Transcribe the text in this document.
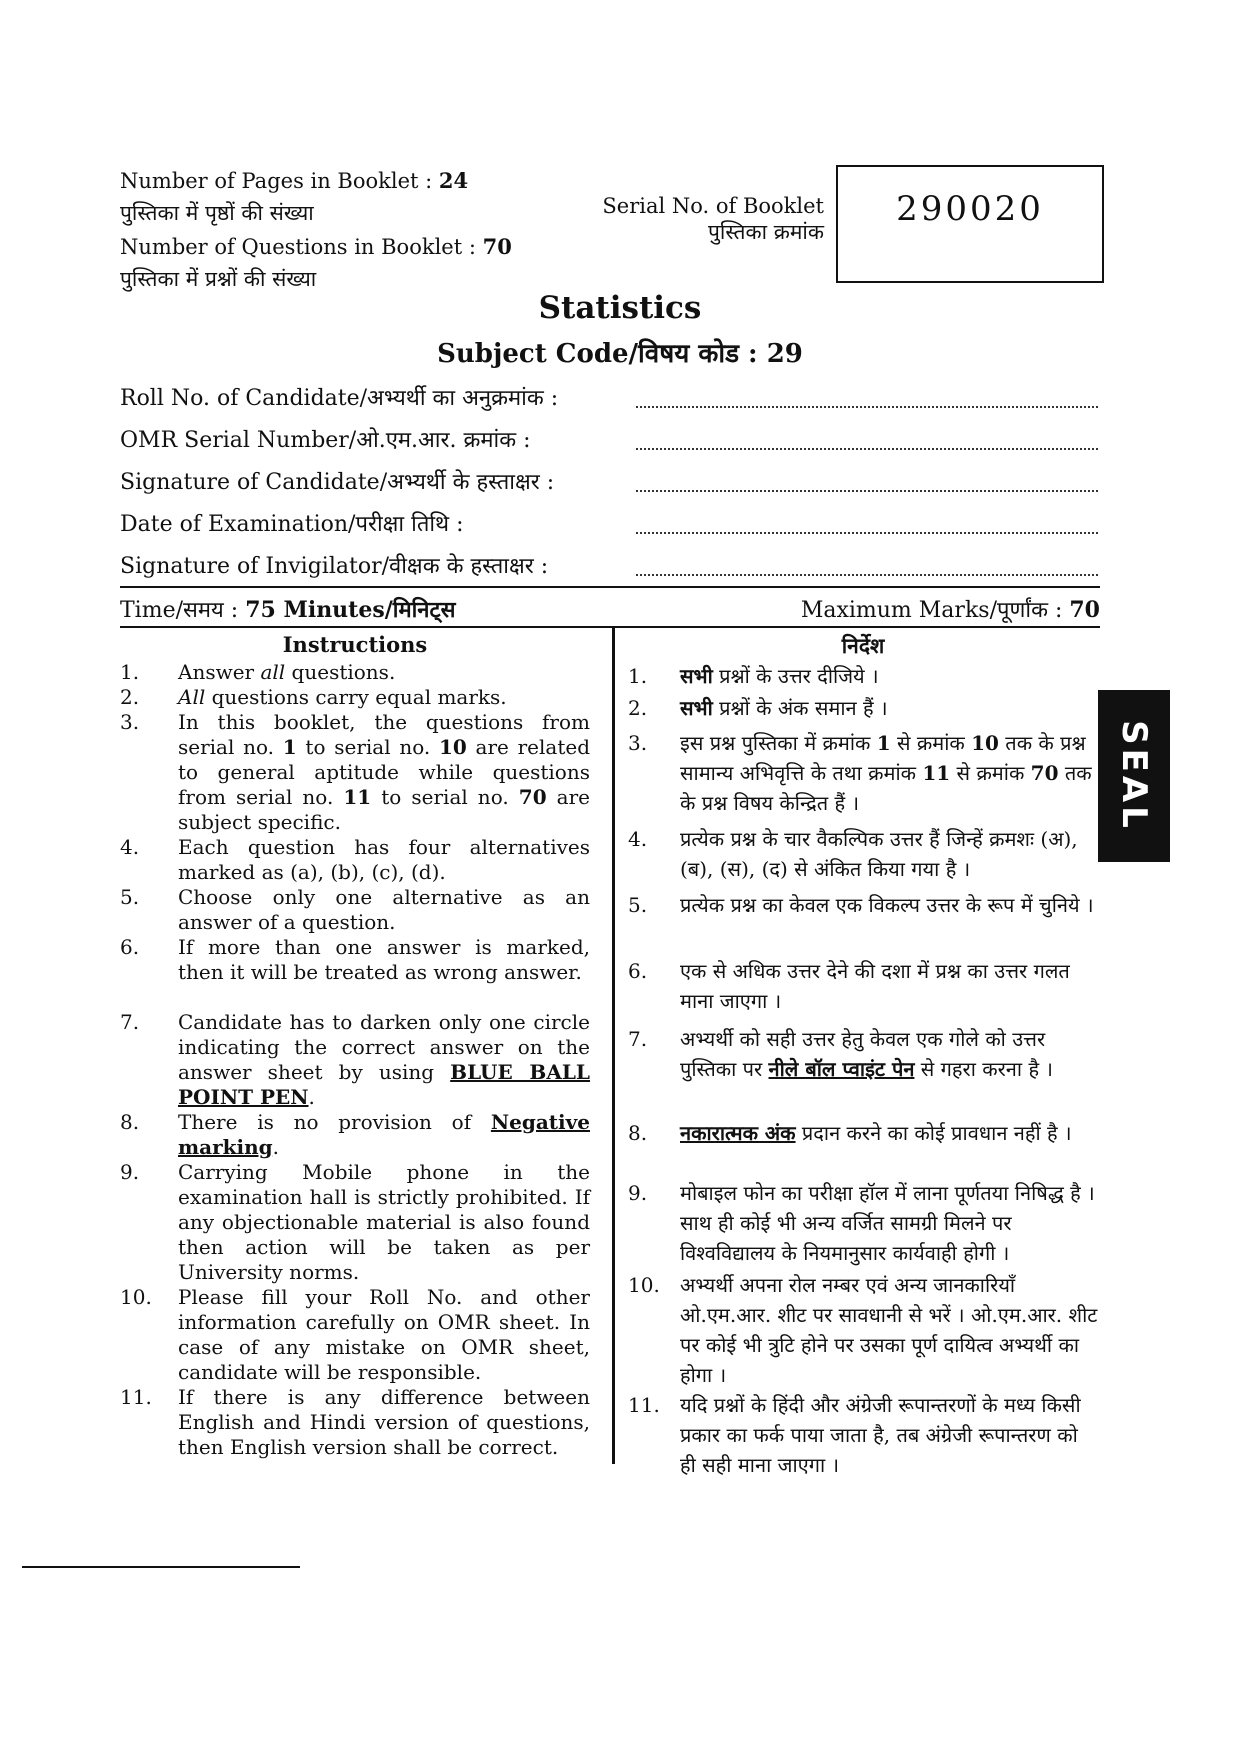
Number of Pages in Booklet : 24
पुस्तिका में पृष्ठों की संख्या
Number of Questions in Booklet : 70
पुस्तिका में प्रश्नों की संख्या
Serial No. of Booklet
पुस्तिका क्रमांक
290020
Statistics
Subject Code/विषय कोड : 29
Roll No. of Candidate/अभ्यर्थी का अनुक्रमांक :
OMR Serial Number/ओ.एम.आर. क्रमांक :
Signature of Candidate/अभ्यर्थी के हस्ताक्षर :
Date of Examination/परीक्षा तिथि :
Signature of Invigilator/वीक्षक के हस्ताक्षर :
Time/समय : 75 Minutes/मिनिट्स	Maximum Marks/पूर्णांक : 70
Instructions
1. Answer all questions.
2. All questions carry equal marks.
3. In this booklet, the questions from serial no. 1 to serial no. 10 are related to general aptitude while questions from serial no. 11 to serial no. 70 are subject specific.
4. Each question has four alternatives marked as (a), (b), (c), (d).
5. Choose only one alternative as an answer of a question.
6. If more than one answer is marked, then it will be treated as wrong answer.
7. Candidate has to darken only one circle indicating the correct answer on the answer sheet by using BLUE BALL POINT PEN.
8. There is no provision of Negative marking.
9. Carrying Mobile phone in the examination hall is strictly prohibited. If any objectionable material is also found then action will be taken as per University norms.
10. Please fill your Roll No. and other information carefully on OMR sheet. In case of any mistake on OMR sheet, candidate will be responsible.
11. If there is any difference between English and Hindi version of questions, then English version shall be correct.
निर्देश
1. सभी प्रश्नों के उत्तर दीजिये ।
2. सभी प्रश्नों के अंक समान हैं ।
3. इस प्रश्न पुस्तिका में क्रमांक 1 से क्रमांक 10 तक के प्रश्न सामान्य अभिवृत्ति के तथा क्रमांक 11 से क्रमांक 70 तक के प्रश्न विषय केन्द्रित हैं ।
4. प्रत्येक प्रश्न के चार वैकल्पिक उत्तर हैं जिन्हें क्रमशः (अ), (ब), (स), (द) से अंकित किया गया है ।
5. प्रत्येक प्रश्न का केवल एक विकल्प उत्तर के रूप में चुनिये ।
6. एक से अधिक उत्तर देने की दशा में प्रश्न का उत्तर गलत माना जाएगा ।
7. अभ्यर्थी को सही उत्तर हेतु केवल एक गोले को उत्तर पुस्तिका पर नीले बॉल प्वाइंट पेन से गहरा करना है ।
8. नकारात्मक अंक प्रदान करने का कोई प्रावधान नहीं है ।
9. मोबाइल फोन का परीक्षा हॉल में लाना पूर्णतया निषिद्ध है । साथ ही कोई भी अन्य वर्जित सामग्री मिलने पर विश्वविद्यालय के नियमानुसार कार्यवाही होगी ।
10. अभ्यर्थी अपना रोल नम्बर एवं अन्य जानकारियाँ ओ.एम.आर. शीट पर सावधानी से भरें । ओ.एम.आर. शीट पर कोई भी त्रुटि होने पर उसका पूर्ण दायित्व अभ्यर्थी का होगा ।
11. यदि प्रश्नों के हिंदी और अंग्रेजी रूपान्तरणों के मध्य किसी प्रकार का फर्क पाया जाता है, तब अंग्रेजी रूपान्तरण को ही सही माना जाएगा ।
SEAL
